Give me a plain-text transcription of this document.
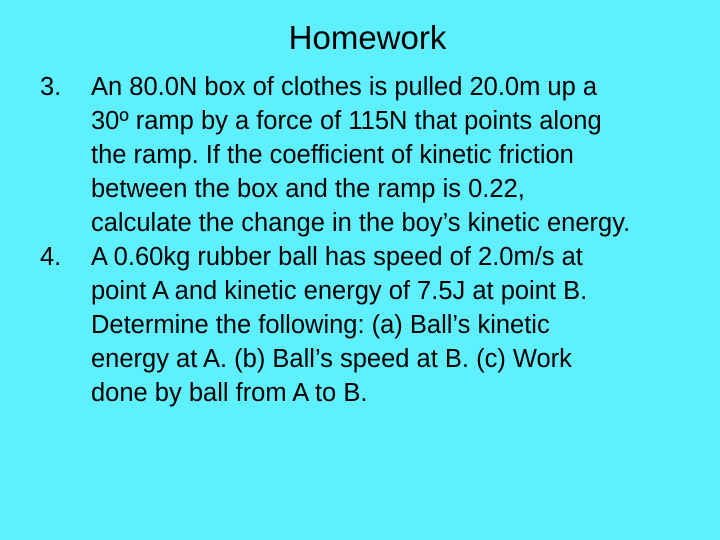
Homework
3. An 80.0N box of clothes is pulled 20.0m up a
30º ramp by a force of 115N that points along
the ramp. If the coefficient of kinetic friction
between the box and the ramp is 0.22,
calculate the change in the boy’s kinetic energy.
4. A 0.60kg rubber ball has speed of 2.0m/s at
point A and kinetic energy of 7.5J at point B.
Determine the following: (a) Ball’s kinetic
energy at A. (b) Ball’s speed at B. (c) Work
done by ball from A to B.
